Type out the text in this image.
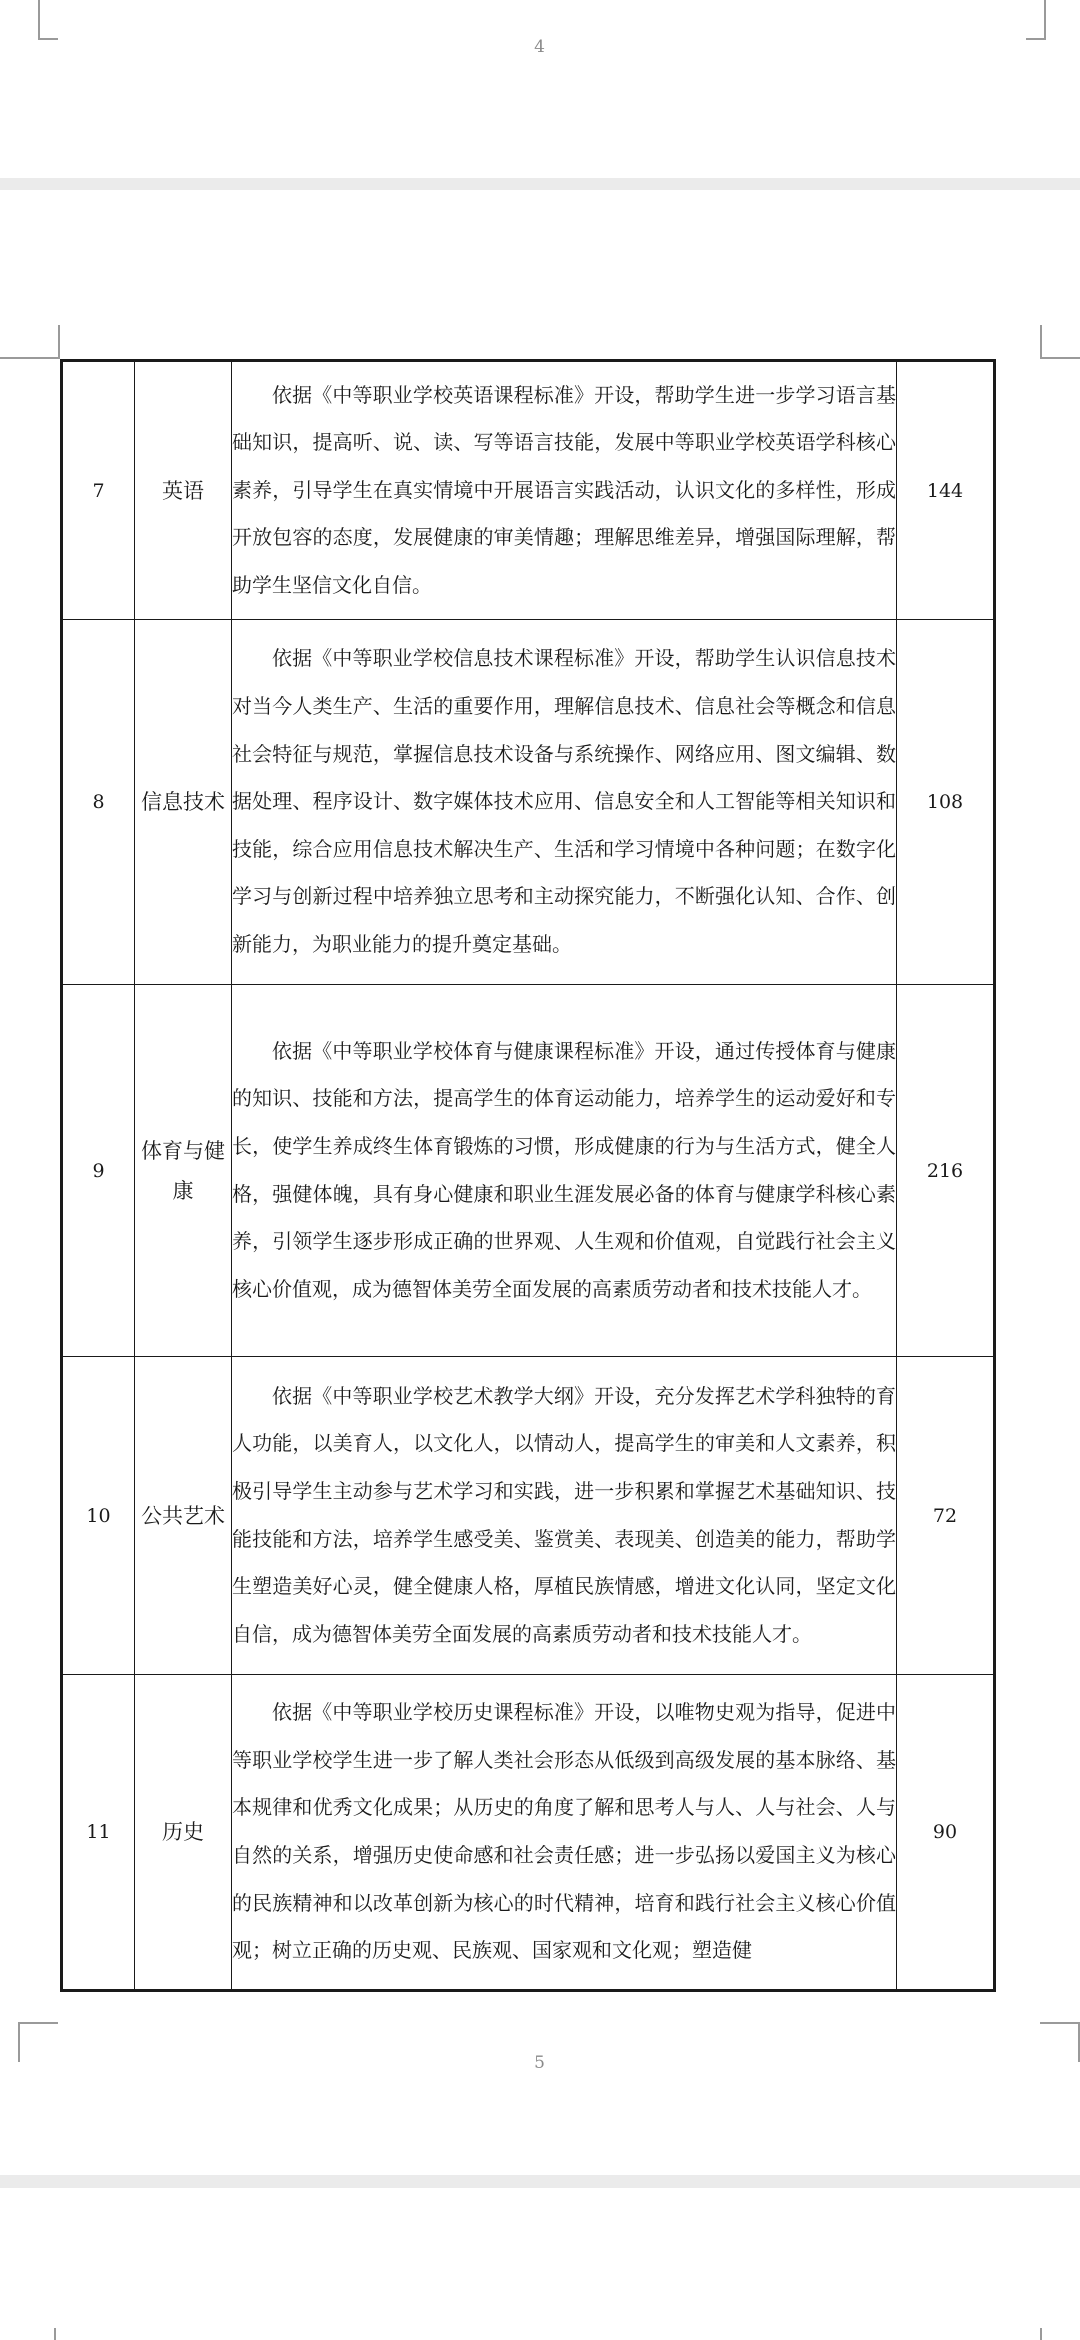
4
7	英语	依据《中等职业学校英语课程标准》开设，帮助学生进一步学习语言基础知识，提高听、说、读、写等语言技能，发展中等职业学校英语学科核心素养，引导学生在真实情境中开展语言实践活动，认识文化的多样性，形成开放包容的态度，发展健康的审美情趣；理解思维差异，增强国际理解，帮助学生坚信文化自信。	144
8	信息技术	依据《中等职业学校信息技术课程标准》开设，帮助学生认识信息技术对当今人类生产、生活的重要作用，理解信息技术、信息社会等概念和信息社会特征与规范，掌握信息技术设备与系统操作、网络应用、图文编辑、数据处理、程序设计、数字媒体技术应用、信息安全和人工智能等相关知识和技能，综合应用信息技术解决生产、生活和学习情境中各种问题；在数字化学习与创新过程中培养独立思考和主动探究能力，不断强化认知、合作、创新能力，为职业能力的提升奠定基础。	108
9	体育与健康	依据《中等职业学校体育与健康课程标准》开设，通过传授体育与健康的知识、技能和方法，提高学生的体育运动能力，培养学生的运动爱好和专长，使学生养成终生体育锻炼的习惯，形成健康的行为与生活方式，健全人格，强健体魄，具有身心健康和职业生涯发展必备的体育与健康学科核心素养，引领学生逐步形成正确的世界观、人生观和价值观，自觉践行社会主义核心价值观，成为德智体美劳全面发展的高素质劳动者和技术技能人才。	216
10	公共艺术	依据《中等职业学校艺术教学大纲》开设，充分发挥艺术学科独特的育人功能，以美育人，以文化人，以情动人，提高学生的审美和人文素养，积极引导学生主动参与艺术学习和实践，进一步积累和掌握艺术基础知识、技能技能和方法，培养学生感受美、鉴赏美、表现美、创造美的能力，帮助学生塑造美好心灵，健全健康人格，厚植民族情感，增进文化认同，坚定文化自信，成为德智体美劳全面发展的高素质劳动者和技术技能人才。	72
11	历史	依据《中等职业学校历史课程标准》开设，以唯物史观为指导，促进中等职业学校学生进一步了解人类社会形态从低级到高级发展的基本脉络、基本规律和优秀文化成果；从历史的角度了解和思考人与人、人与社会、人与自然的关系，增强历史使命感和社会责任感；进一步弘扬以爱国主义为核心的民族精神和以改革创新为核心的时代精神，培育和践行社会主义核心价值观；树立正确的历史观、民族观、国家观和文化观；塑造健	90
5
